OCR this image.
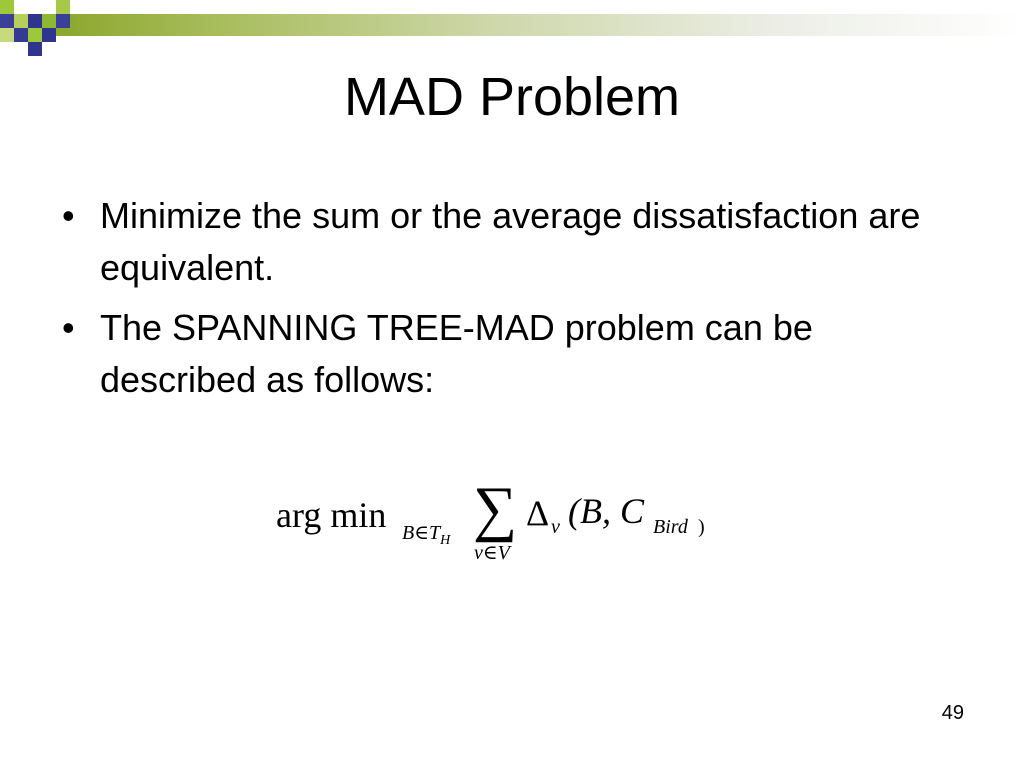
MAD Problem
• Minimize the sum or the average dissatisfaction are equivalent.
• The SPANNING TREE-MAD problem can be described as follows:
arg $\min B\in T_H$ ∑
v∈V
Δ v (B, C Bird )
49
